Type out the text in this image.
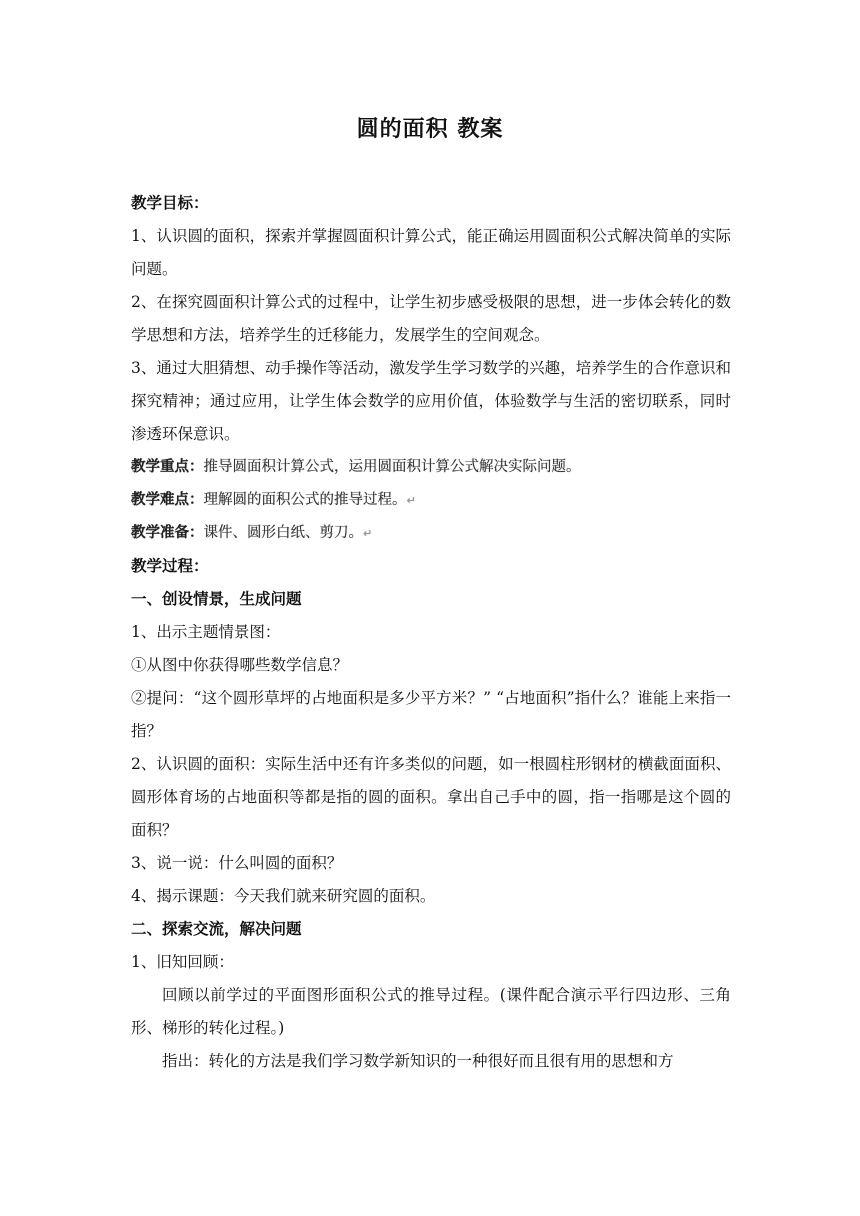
圆的面积 教案

教学目标：

1、认识圆的面积，探索并掌握圆面积计算公式，能正确运用圆面积公式解决简单的实际问题。

2、在探究圆面积计算公式的过程中，让学生初步感受极限的思想，进一步体会转化的数学思想和方法，培养学生的迁移能力，发展学生的空间观念。

3、通过大胆猜想、动手操作等活动，激发学生学习数学的兴趣，培养学生的合作意识和探究精神；通过应用，让学生体会数学的应用价值，体验数学与生活的密切联系，同时渗透环保意识。

教学重点：推导圆面积计算公式，运用圆面积计算公式解决实际问题。

教学难点：理解圆的面积公式的推导过程。↵

教学准备：课件、圆形白纸、剪刀。↵

教学过程：

一、创设情景，生成问题

1、出示主题情景图：

①从图中你获得哪些数学信息？

②提问：“这个圆形草坪的占地面积是多少平方米？” “占地面积”指什么？谁能上来指一指？

2、认识圆的面积：实际生活中还有许多类似的问题，如一根圆柱形钢材的横截面面积、圆形体育场的占地面积等都是指的圆的面积。拿出自己手中的圆，指一指哪是这个圆的面积？

3、说一说：什么叫圆的面积？

4、揭示课题：今天我们就来研究圆的面积。

二、探索交流，解决问题

1、旧知回顾：

回顾以前学过的平面图形面积公式的推导过程。(课件配合演示平行四边形、三角形、梯形的转化过程。)

指出：转化的方法是我们学习数学新知识的一种很好而且很有用的思想和方
